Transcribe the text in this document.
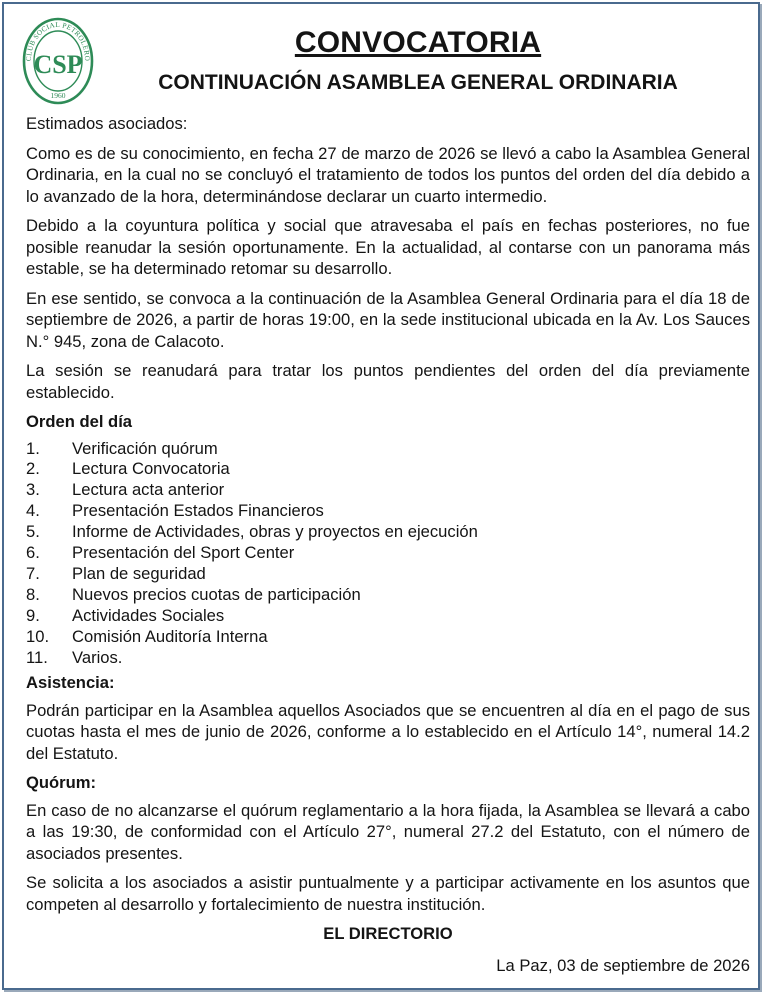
CLUB SOCIAL PETROLERO
CSP
1960
CONVOCATORIA
CONTINUACIÓN ASAMBLEA GENERAL ORDINARIA

Estimados asociados:

Como es de su conocimiento, en fecha 27 de marzo de 2026 se llevó a cabo la Asamblea General Ordinaria, en la cual no se concluyó el tratamiento de todos los puntos del orden del día debido a lo avanzado de la hora, determinándose declarar un cuarto intermedio.

Debido a la coyuntura política y social que atravesaba el país en fechas posteriores, no fue posible reanudar la sesión oportunamente. En la actualidad, al contarse con un panorama más estable, se ha determinado retomar su desarrollo.

En ese sentido, se convoca a la continuación de la Asamblea General Ordinaria para el día 18 de septiembre de 2026, a partir de horas 19:00, en la sede institucional ubicada en la Av. Los Sauces N.° 945, zona de Calacoto.

La sesión se reanudará para tratar los puntos pendientes del orden del día previamente establecido.

Orden del día
1.	Verificación quórum
2.	Lectura Convocatoria
3.	Lectura acta anterior
4.	Presentación Estados Financieros
5.	Informe de Actividades, obras y proyectos en ejecución
6.	Presentación del Sport Center
7.	Plan de seguridad
8.	Nuevos precios cuotas de participación
9.	Actividades Sociales
10.	Comisión Auditoría Interna
11.	Varios.
Asistencia:

Podrán participar en la Asamblea aquellos Asociados que se encuentren al día en el pago de sus cuotas hasta el mes de junio de 2026, conforme a lo establecido en el Artículo 14°, numeral 14.2 del Estatuto.

Quórum:

En caso de no alcanzarse el quórum reglamentario a la hora fijada, la Asamblea se llevará a cabo a las 19:30, de conformidad con el Artículo 27°, numeral 27.2 del Estatuto, con el número de asociados presentes.

Se solicita a los asociados a asistir puntualmente y a participar activamente en los asuntos que competen al desarrollo y fortalecimiento de nuestra institución.

EL DIRECTORIO
La Paz, 03 de septiembre de 2026
